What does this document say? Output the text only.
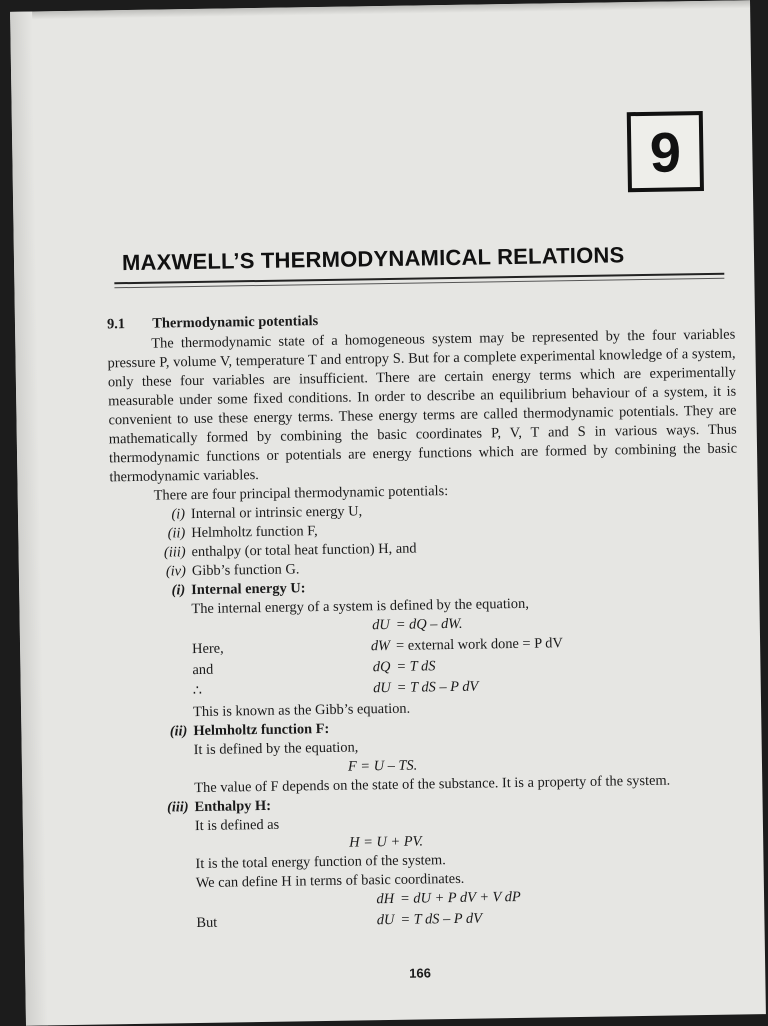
9
MAXWELL’S THERMODYNAMICAL RELATIONS
9.1 Thermodynamic potentials

The thermodynamic state of a homogeneous system may be represented by the four variables pressure P, volume V, temperature T and entropy S. But for a complete experimental knowledge of a system, only these four variables are insufficient. There are certain energy terms which are experimentally measurable under some fixed conditions. In order to describe an equilibrium behaviour of a system, it is convenient to use these energy terms. These energy terms are called thermodynamic potentials. They are mathematically formed by combining the basic coordinates P, V, T and S in various ways. Thus thermodynamic functions or potentials are energy functions which are formed by combining the basic thermodynamic variables.

There are four principal thermodynamic potentials:

(i) Internal or intrinsic energy U,
(ii) Helmholtz function F,
(iii) enthalpy (or total heat function) H, and
(iv) Gibb’s function G.
(i) Internal energy U:
The internal energy of a system is defined by the equation,
dU = dQ – dW.
Here,	dW = external work done = P dV
and	dQ = T dS
∴	dU = T dS – P dV
This is known as the Gibb’s equation.
(ii) Helmholtz function F:
It is defined by the equation,
F = U – TS.
The value of F depends on the state of the substance. It is a property of the system.
(iii) Enthalpy H:
It is defined as
H = U + PV.
It is the total energy function of the system.
We can define H in terms of basic coordinates.
dH = dU + P dV + V dP
But	dU = T dS – P dV
166
